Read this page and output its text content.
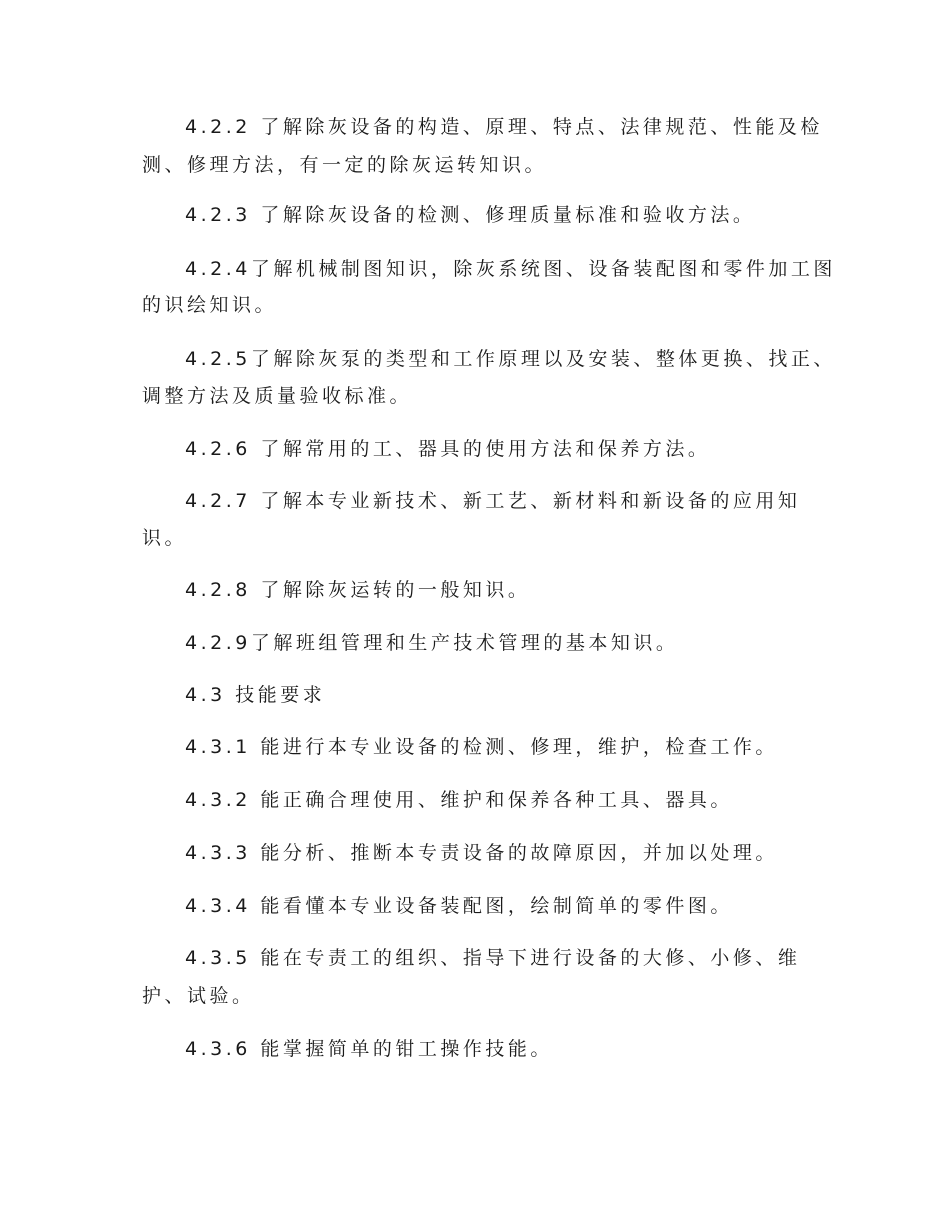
4.2.2 了解除灰设备的构造、原理、特点、法律规范、性能及检
测、修理方法，有一定的除灰运转知识。
4.2.3 了解除灰设备的检测、修理质量标准和验收方法。
4.2.4了解机械制图知识，除灰系统图、设备装配图和零件加工图
的识绘知识。
4.2.5了解除灰泵的类型和工作原理以及安装、整体更换、找正、
调整方法及质量验收标准。
4.2.6 了解常用的工、器具的使用方法和保养方法。
4.2.7 了解本专业新技术、新工艺、新材料和新设备的应用知
识。
4.2.8 了解除灰运转的一般知识。
4.2.9了解班组管理和生产技术管理的基本知识。
4.3 技能要求
4.3.1 能进行本专业设备的检测、修理，维护，检查工作。
4.3.2 能正确合理使用、维护和保养各种工具、器具。
4.3.3 能分析、推断本专责设备的故障原因，并加以处理。
4.3.4 能看懂本专业设备装配图，绘制简单的零件图。
4.3.5 能在专责工的组织、指导下进行设备的大修、小修、维
护、试验。
4.3.6 能掌握简单的钳工操作技能。
